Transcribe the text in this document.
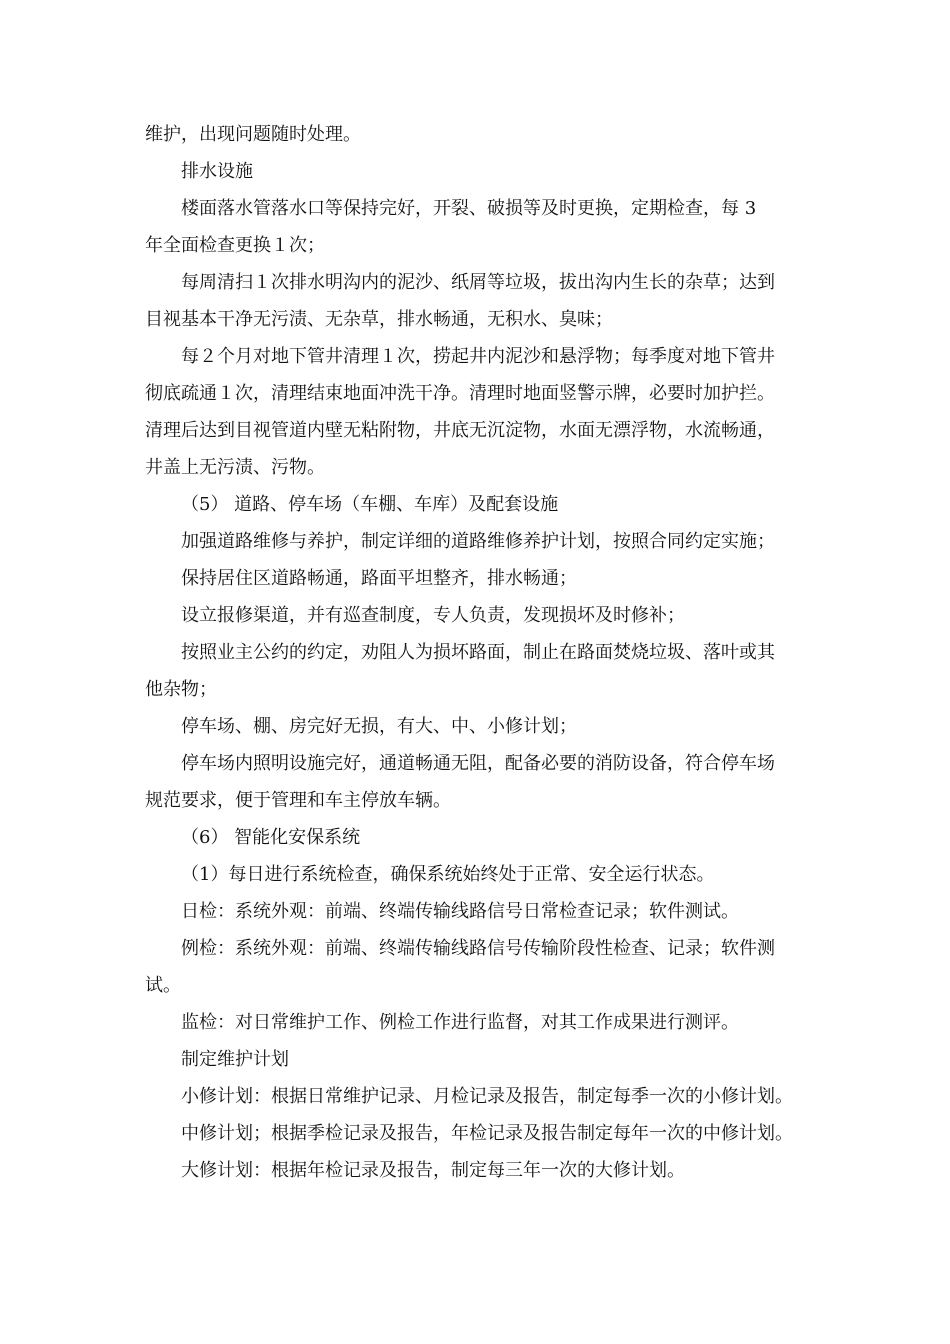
维护，出现问题随时处理。
排水设施
楼面落水管落水口等保持完好，开裂、破损等及时更换，定期检查，每 3
年全面检查更换１次；
每周清扫１次排水明沟内的泥沙、纸屑等垃圾，拔出沟内生长的杂草；达到
目视基本干净无污渍、无杂草，排水畅通，无积水、臭味；
每２个月对地下管井清理１次，捞起井内泥沙和悬浮物；每季度对地下管井
彻底疏通１次，清理结束地面冲洗干净。清理时地面竖警示牌，必要时加护拦。
清理后达到目视管道内壁无粘附物，井底无沉淀物，水面无漂浮物，水流畅通，
井盖上无污渍、污物。
（5） 道路、停车场（车棚、车库）及配套设施
加强道路维修与养护，制定详细的道路维修养护计划，按照合同约定实施；
保持居住区道路畅通，路面平坦整齐，排水畅通；
设立报修渠道，并有巡查制度，专人负责，发现损坏及时修补；
按照业主公约的约定，劝阻人为损坏路面，制止在路面焚烧垃圾、落叶或其
他杂物；
停车场、棚、房完好无损，有大、中、小修计划；
停车场内照明设施完好，通道畅通无阻，配备必要的消防设备，符合停车场
规范要求，便于管理和车主停放车辆。
（6） 智能化安保系统
（1）每日进行系统检查，确保系统始终处于正常、安全运行状态。
日检：系统外观：前端、终端传输线路信号日常检查记录；软件测试。
例检：系统外观：前端、终端传输线路信号传输阶段性检查、记录；软件测
试。
监检：对日常维护工作、例检工作进行监督，对其工作成果进行测评。
制定维护计划
小修计划：根据日常维护记录、月检记录及报告，制定每季一次的小修计划。
中修计划；根据季检记录及报告，年检记录及报告制定每年一次的中修计划。
大修计划：根据年检记录及报告，制定每三年一次的大修计划。
